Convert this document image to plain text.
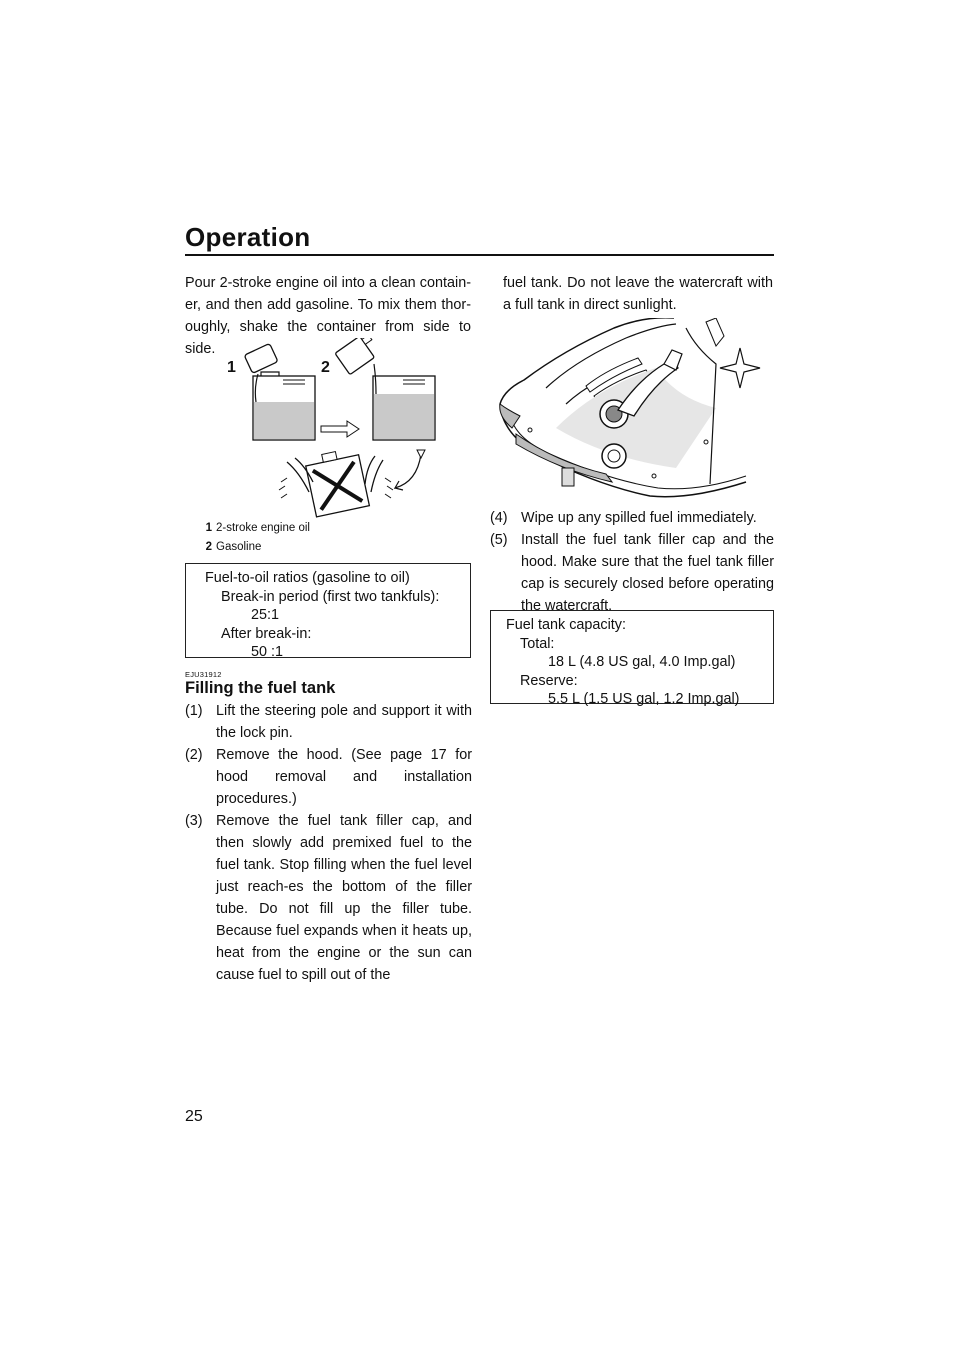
Operation
Pour 2-stroke engine oil into a clean contain-er, and then add gasoline. To mix them thor-oughly, shake the container from side to side.
1	2
1 2-stroke engine oil
2 Gasoline
Fuel-to-oil ratios (gasoline to oil)
Break-in period (first two tankfuls):
25:1
After break-in:
50 :1
EJU31912
Filling the fuel tank
(1) Lift the steering pole and support it with the lock pin.
(2) Remove the hood. (See page 17 for hood removal and installation procedures.)
(3) Remove the fuel tank filler cap, and then slowly add premixed fuel to the fuel tank. Stop filling when the fuel level just reach-es the bottom of the filler tube. Do not fill up the filler tube. Because fuel expands when it heats up, heat from the engine or the sun can cause fuel to spill out of the
fuel tank. Do not leave the watercraft with a full tank in direct sunlight.
(4) Wipe up any spilled fuel immediately.
(5) Install the fuel tank filler cap and the hood. Make sure that the fuel tank filler cap is securely closed before operating the watercraft.
Fuel tank capacity:
Total:
18 L (4.8 US gal, 4.0 Imp.gal)
Reserve:
5.5 L (1.5 US gal, 1.2 Imp.gal)
25
